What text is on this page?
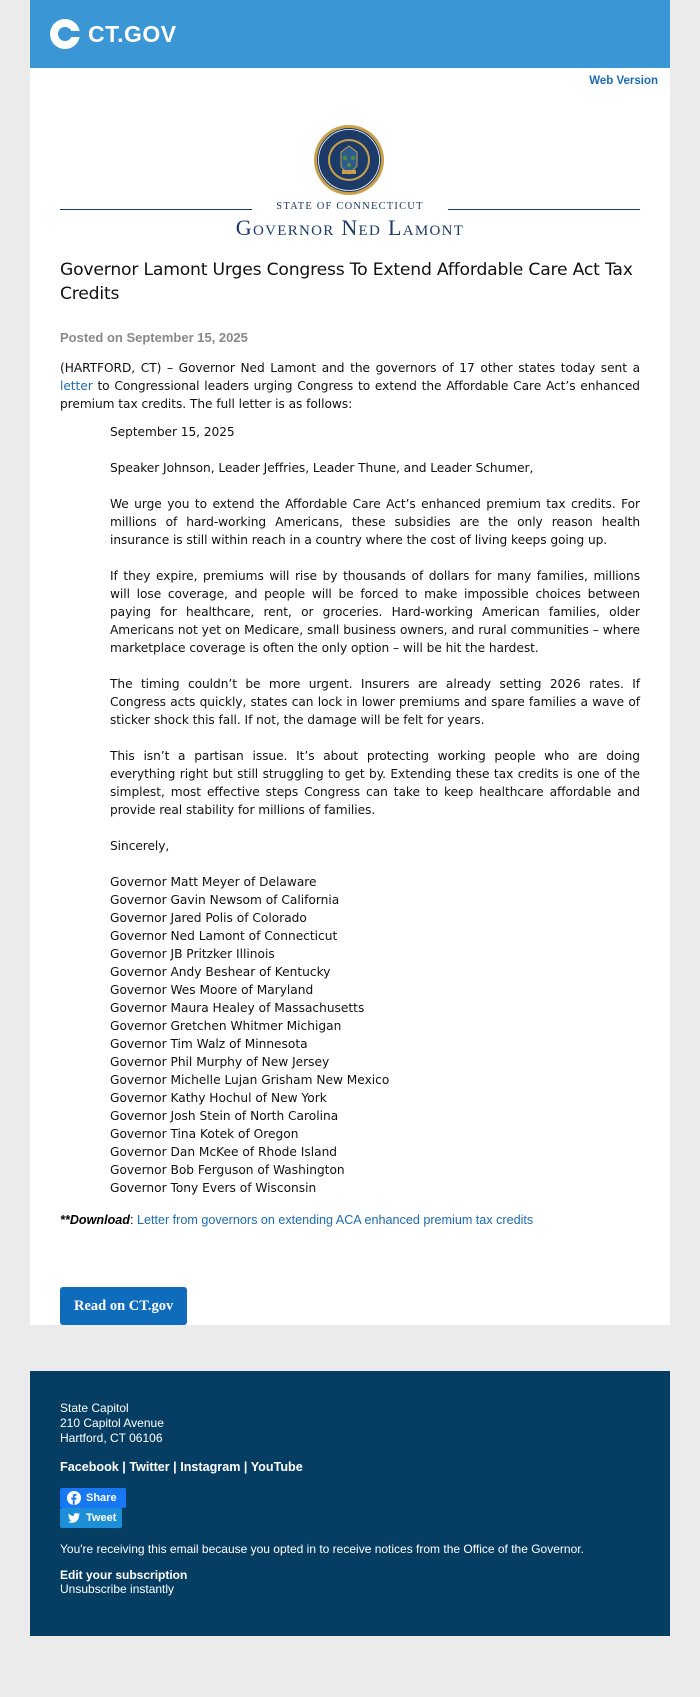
CT.GOV
Web Version
STATE OF CONNECTICUT
Governor Ned Lamont
Governor Lamont Urges Congress To Extend Affordable Care Act Tax Credits
Posted on September 15, 2025

(HARTFORD, CT) – Governor Ned Lamont and the governors of 17 other states today sent a letter to Congressional leaders urging Congress to extend the Affordable Care Act’s enhanced premium tax credits. The full letter is as follows:

September 15, 2025

Speaker Johnson, Leader Jeffries, Leader Thune, and Leader Schumer,

We urge you to extend the Affordable Care Act’s enhanced premium tax credits. For millions of hard-working Americans, these subsidies are the only reason health insurance is still within reach in a country where the cost of living keeps going up.

If they expire, premiums will rise by thousands of dollars for many families, millions will lose coverage, and people will be forced to make impossible choices between paying for healthcare, rent, or groceries. Hard-working American families, older Americans not yet on Medicare, small business owners, and rural communities – where marketplace coverage is often the only option – will be hit the hardest.

The timing couldn’t be more urgent. Insurers are already setting 2026 rates. If Congress acts quickly, states can lock in lower premiums and spare families a wave of sticker shock this fall. If not, the damage will be felt for years.

This isn’t a partisan issue. It’s about protecting working people who are doing everything right but still struggling to get by. Extending these tax credits is one of the simplest, most effective steps Congress can take to keep healthcare affordable and provide real stability for millions of families.

Sincerely,

Governor Matt Meyer of Delaware
Governor Gavin Newsom of California
Governor Jared Polis of Colorado
Governor Ned Lamont of Connecticut
Governor JB Pritzker Illinois
Governor Andy Beshear of Kentucky
Governor Wes Moore of Maryland
Governor Maura Healey of Massachusetts
Governor Gretchen Whitmer Michigan
Governor Tim Walz of Minnesota
Governor Phil Murphy of New Jersey
Governor Michelle Lujan Grisham New Mexico
Governor Kathy Hochul of New York
Governor Josh Stein of North Carolina
Governor Tina Kotek of Oregon
Governor Dan McKee of Rhode Island
Governor Bob Ferguson of Washington
Governor Tony Evers of Wisconsin
**Download: Letter from governors on extending ACA enhanced premium tax credits
Read on CT.gov
State Capitol
210 Capitol Avenue
Hartford, CT 06106
Facebook | Twitter | Instagram | YouTube
Share
Tweet
You're receiving this email because you opted in to receive notices from the Office of the Governor.
Edit your subscription
Unsubscribe instantly
